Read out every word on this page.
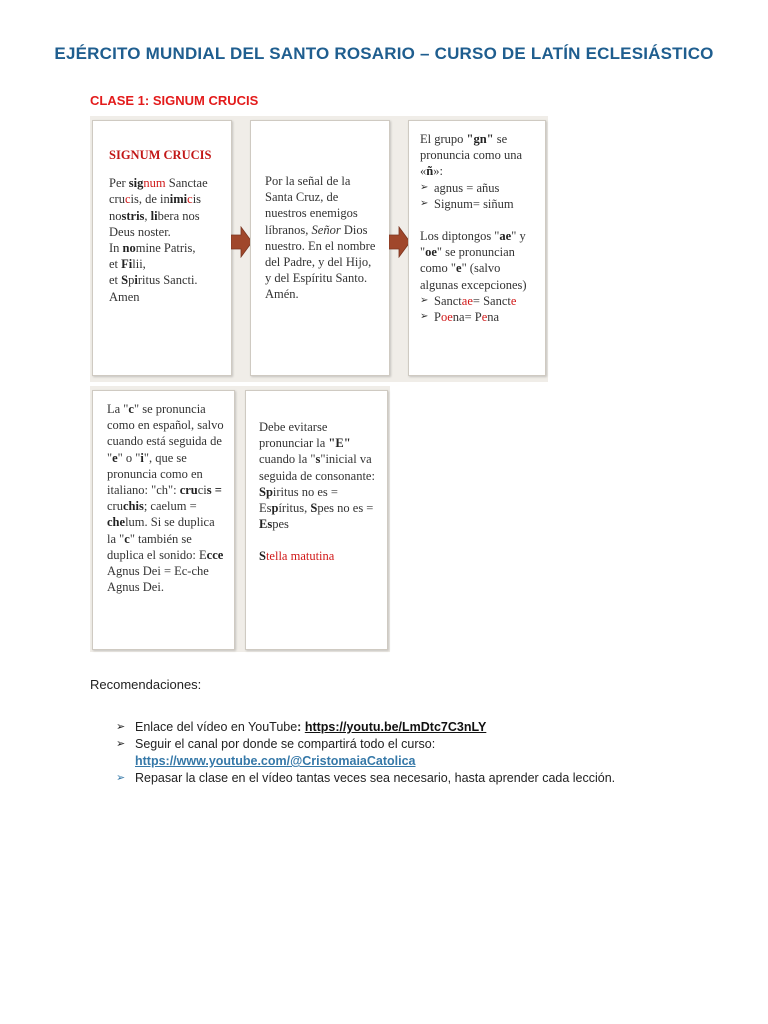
EJÉRCITO MUNDIAL DEL SANTO ROSARIO – CURSO DE LATÍN ECLESIÁSTICO
CLASE 1: SIGNUM CRUCIS
SIGNUM CRUCIS
Per signum Sanctae crucis, de inimicis nostris, libera nos Deus noster.
In nomine Patris,
et Filii,
et Spiritus Sancti.
Amen
Por la señal de la Santa Cruz, de nuestros enemigos líbranos, Señor Dios nuestro. En el nombre del Padre, y del Hijo, y del Espíritu Santo. Amén.
El grupo "gn" se pronuncia como una «ñ»:
➢ agnus = añus
➢ Signum= siñum
Los diptongos "ae" y "oe" se pronuncian como "e" (salvo algunas excepciones)
➢ Sanctae= Sancte
➢ Poena= Pena
La "c" se pronuncia como en español, salvo cuando está seguida de "e" o "i", que se pronuncia como en italiano: "ch": crucis = cruchis; caelum = chelum. Si se duplica la "c" también se duplica el sonido: Ecce Agnus Dei = Ec-che Agnus Dei.
Debe evitarse pronunciar la "E" cuando la "s"inicial va seguida de consonante: Spiritus no es = Espíritus, Spes no es = Espes
Stella matutina
Recomendaciones:
➢ Enlace del vídeo en YouTube: https://youtu.be/LmDtc7C3nLY
➢ Seguir el canal por donde se compartirá todo el curso:
https://www.youtube.com/@CristomaiaCatolica
➢ Repasar la clase en el vídeo tantas veces sea necesario, hasta aprender cada lección.
